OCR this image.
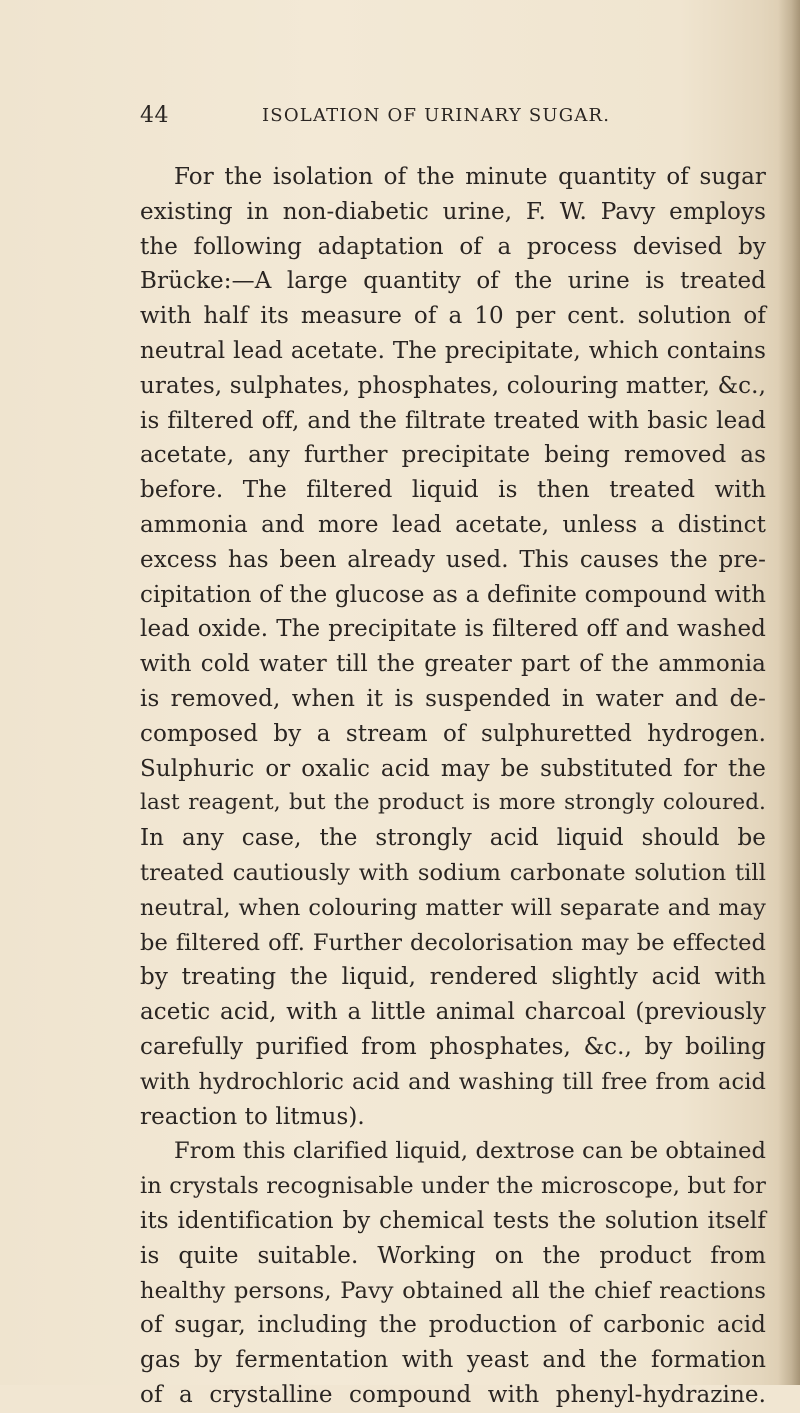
44	ISOLATION OF URINARY SUGAR.
For the isolation of the minute quantity of sugar
existing in non-diabetic urine, F. W. Pavy employs
the following adaptation of a process devised by
Brücke:—A large quantity of the urine is treated
with half its measure of a 10 per cent. solution of
neutral lead acetate. The precipitate, which contains
urates, sulphates, phosphates, colouring matter, &c.,
is filtered off, and the filtrate treated with basic lead
acetate, any further precipitate being removed as
before. The filtered liquid is then treated with
ammonia and more lead acetate, unless a distinct
excess has been already used. This causes the pre-
cipitation of the glucose as a definite compound with
lead oxide. The precipitate is filtered off and washed
with cold water till the greater part of the ammonia
is removed, when it is suspended in water and de-
composed by a stream of sulphuretted hydrogen.
Sulphuric or oxalic acid may be substituted for the
last reagent, but the product is more strongly coloured.
In any case, the strongly acid liquid should be
treated cautiously with sodium carbonate solution till
neutral, when colouring matter will separate and may
be filtered off. Further decolorisation may be effected
by treating the liquid, rendered slightly acid with
acetic acid, with a little animal charcoal (previously
carefully purified from phosphates, &c., by boiling
with hydrochloric acid and washing till free from acid
reaction to litmus).
From this clarified liquid, dextrose can be obtained
in crystals recognisable under the microscope, but for
its identification by chemical tests the solution itself
is quite suitable. Working on the product from
healthy persons, Pavy obtained all the chief reactions
of sugar, including the production of carbonic acid
gas by fermentation with yeast and the formation
of a crystalline compound with phenyl-hydrazine.
